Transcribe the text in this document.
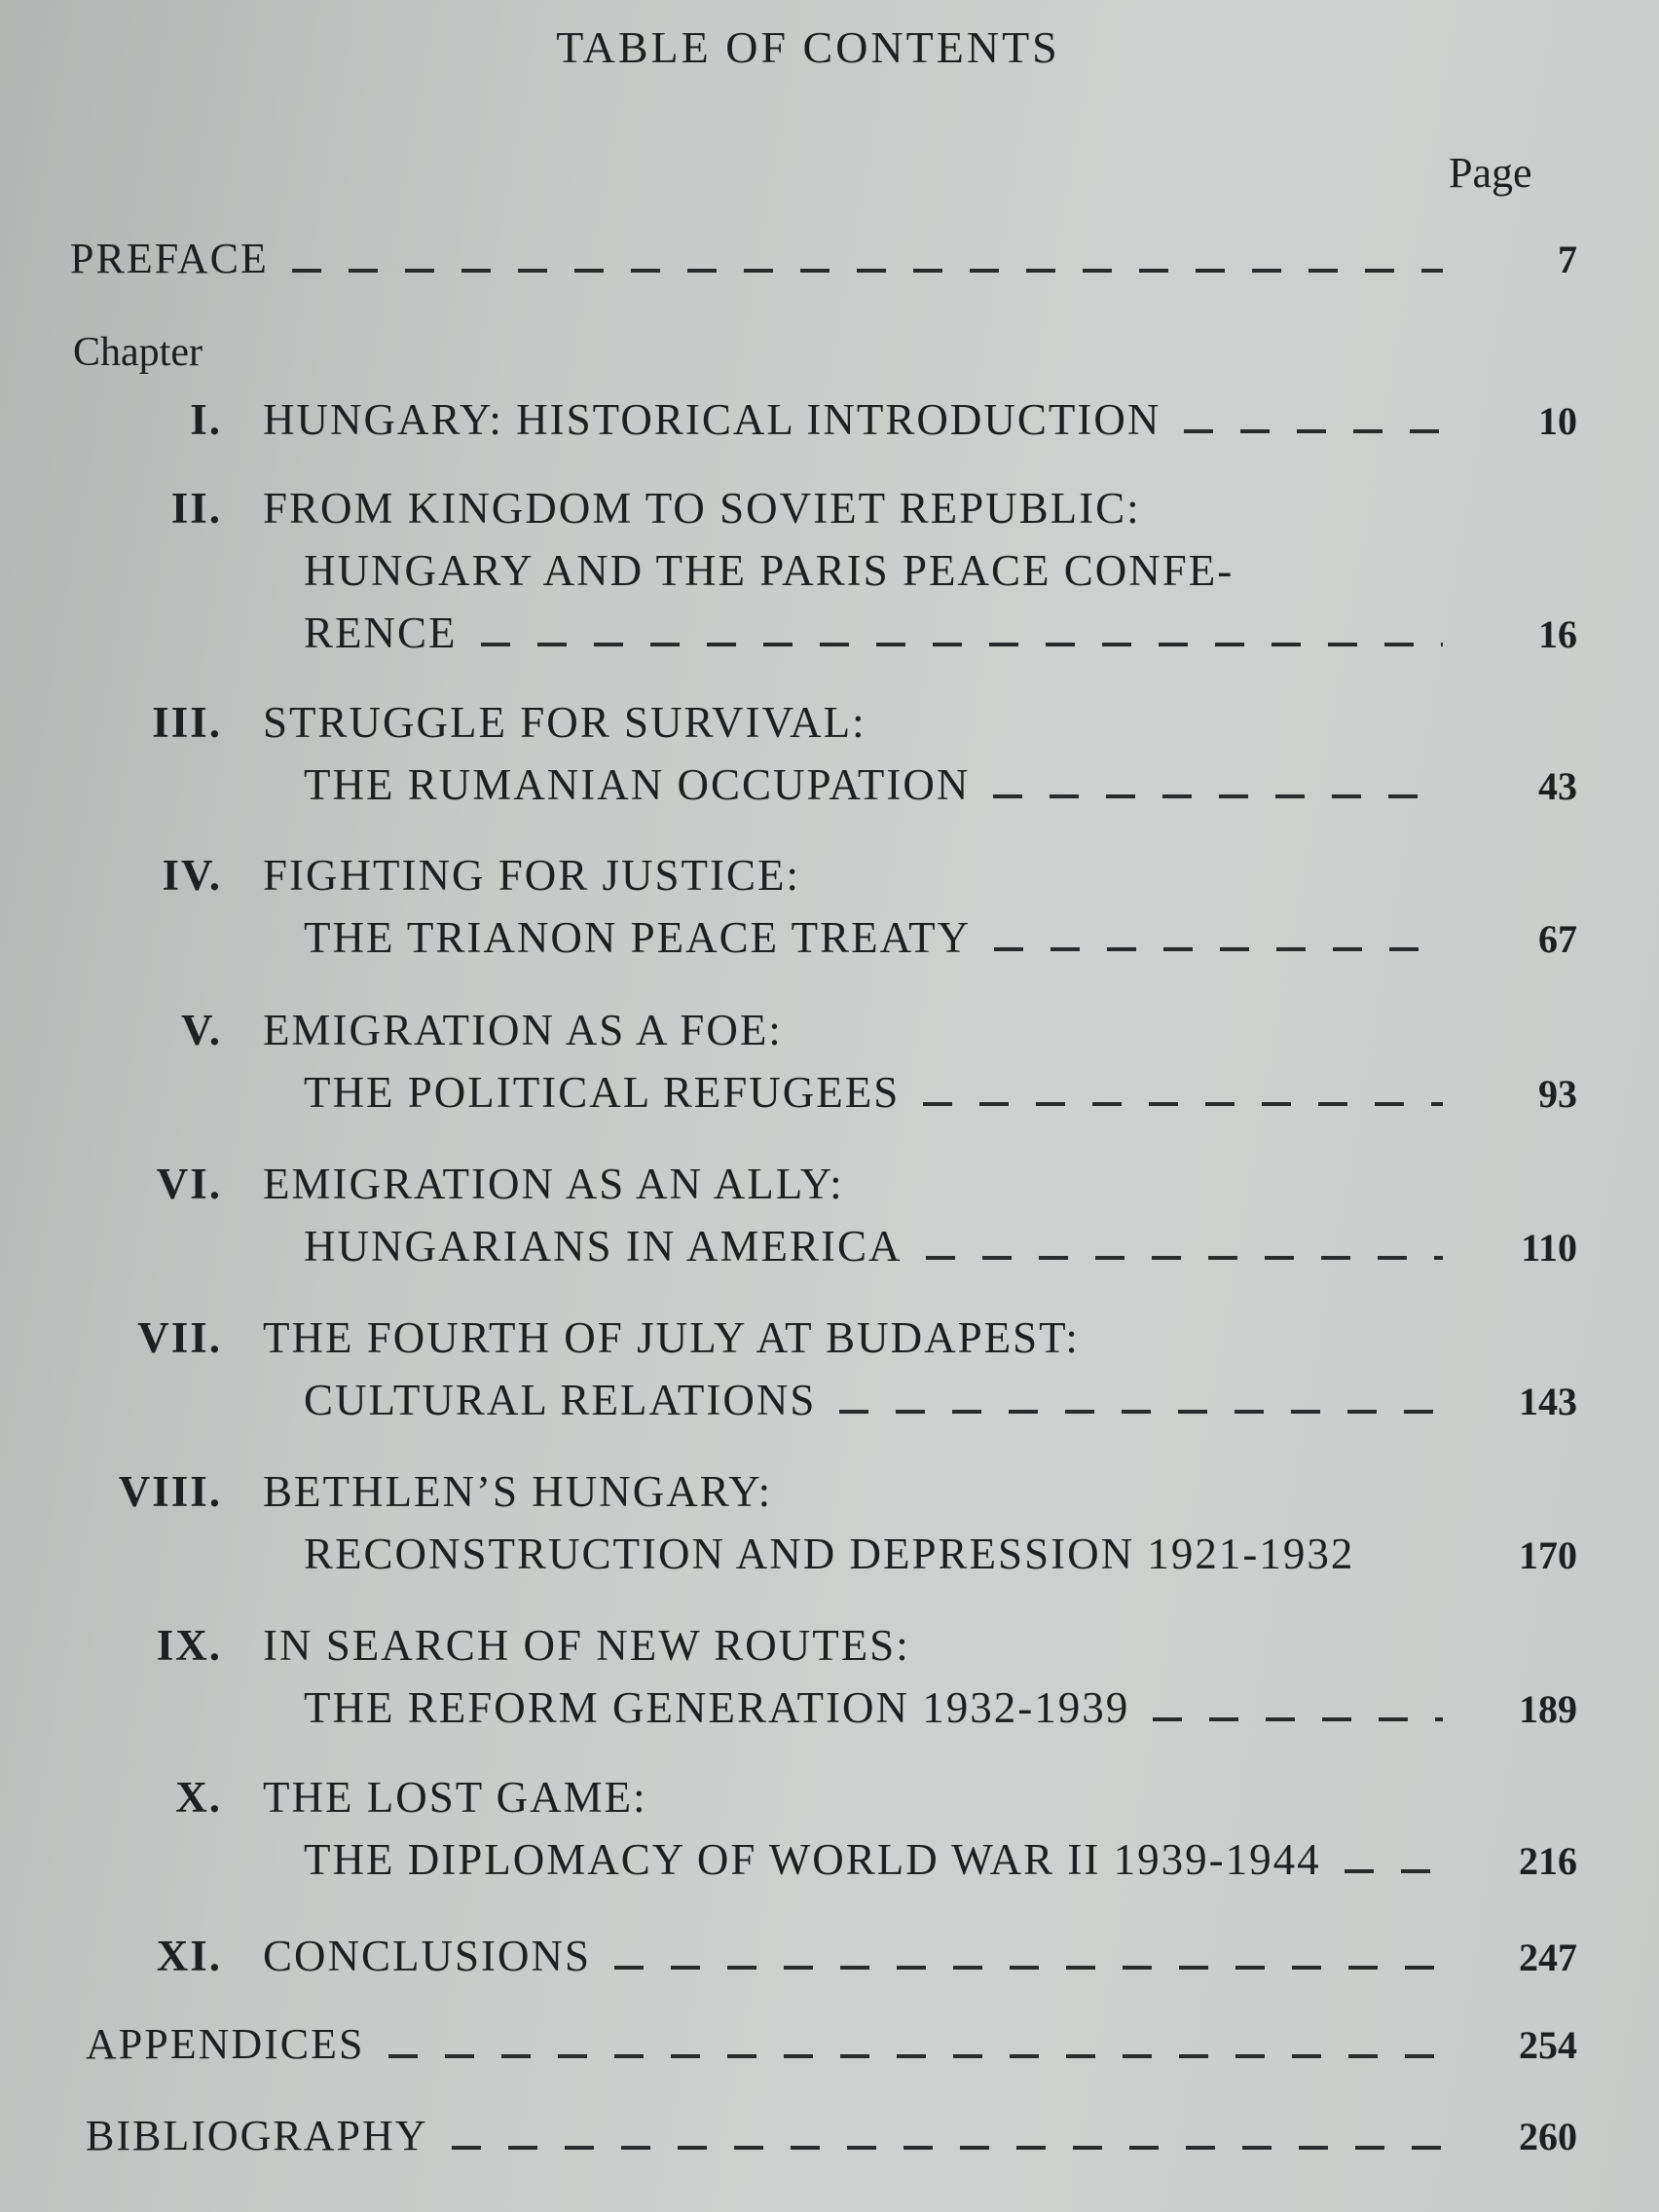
TABLE OF CONTENTS
Page
PREFACE	7
Chapter
I. HUNGARY: HISTORICAL INTRODUCTION	10
II. FROM KINGDOM TO SOVIET REPUBLIC:
HUNGARY AND THE PARIS PEACE CONFE-
RENCE	16
III. STRUGGLE FOR SURVIVAL:
THE RUMANIAN OCCUPATION	43
IV. FIGHTING FOR JUSTICE:
THE TRIANON PEACE TREATY	67
V. EMIGRATION AS A FOE:
THE POLITICAL REFUGEES	93
VI. EMIGRATION AS AN ALLY:
HUNGARIANS IN AMERICA	110
VII. THE FOURTH OF JULY AT BUDAPEST:
CULTURAL RELATIONS	143
VIII. BETHLEN’S HUNGARY:
RECONSTRUCTION AND DEPRESSION 1921-1932	170
IX. IN SEARCH OF NEW ROUTES:
THE REFORM GENERATION 1932-1939	189
X. THE LOST GAME:
THE DIPLOMACY OF WORLD WAR II 1939-1944	216
XI. CONCLUSIONS	247
APPENDICES	254
BIBLIOGRAPHY	260
